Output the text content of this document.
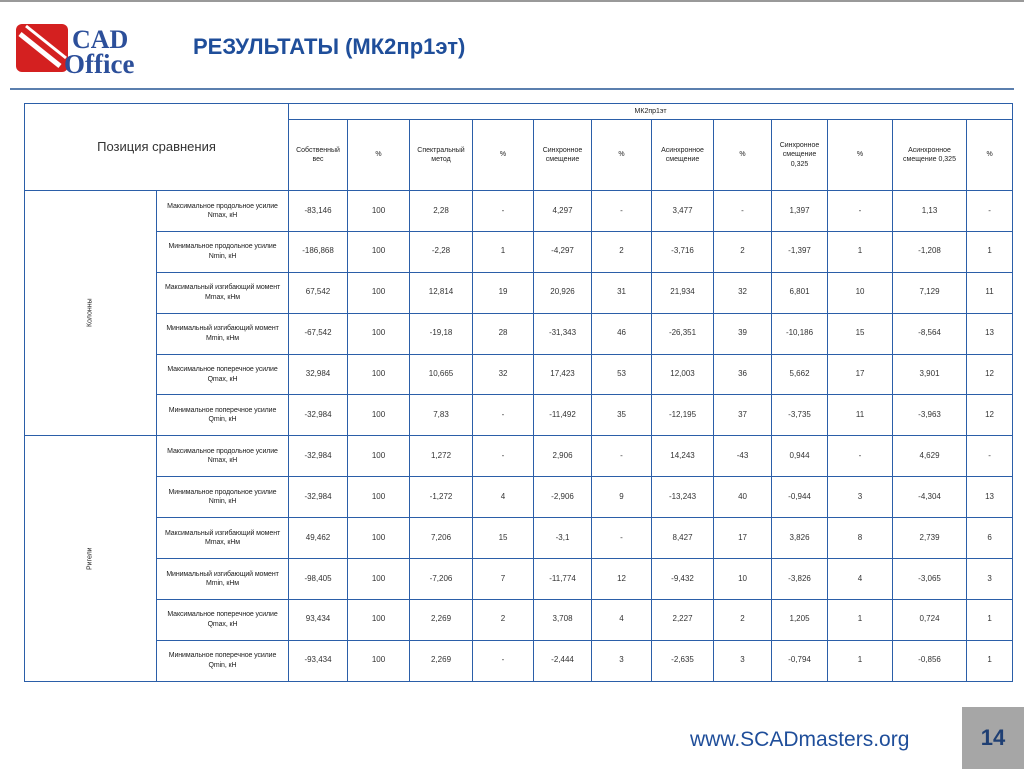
CAD
Office
РЕЗУЛЬТАТЫ (МК2пр1эт)
Позиция сравнения		МК2пр1эт											
		Собственный вес	%	Спектральный метод	%	Синхронное смещение	%	Асинхронное смещение	%	Синхронное смещение 0,325	%	Асинхронное смещение 0,325	%
Колонны	Максимальное продольное усилие Nmax, кН	-83,146	100	2,28	-	4,297	-	3,477	-	1,397	-	1,13	-
	Минимальное продольное усилие Nmin, кН	-186,868	100	-2,28	1	-4,297	2	-3,716	2	-1,397	1	-1,208	1
	Максимальный изгибающий момент Mmax, кНм	67,542	100	12,814	19	20,926	31	21,934	32	6,801	10	7,129	11
	Минимальный изгибающий момент Mmin, кНм	-67,542	100	-19,18	28	-31,343	46	-26,351	39	-10,186	15	-8,564	13
	Максимальное поперечное усилие Qmax, кН	32,984	100	10,665	32	17,423	53	12,003	36	5,662	17	3,901	12
	Минимальное поперечное усилие Qmin, кН	-32,984	100	7,83	-	-11,492	35	-12,195	37	-3,735	11	-3,963	12
Ригели	Максимальное продольное усилие Nmax, кН	-32,984	100	1,272	-	2,906	-	14,243	-43	0,944	-	4,629	-
	Минимальное продольное усилие Nmin, кН	-32,984	100	-1,272	4	-2,906	9	-13,243	40	-0,944	3	-4,304	13
	Максимальный изгибающий момент Mmax, кНм	49,462	100	7,206	15	-3,1	-	8,427	17	3,826	8	2,739	6
	Минимальный изгибающий момент Mmin, кНм	-98,405	100	-7,206	7	-11,774	12	-9,432	10	-3,826	4	-3,065	3
	Максимальное поперечное усилие Qmax, кН	93,434	100	2,269	2	3,708	4	2,227	2	1,205	1	0,724	1
	Минимальное поперечное усилие Qmin, кН	-93,434	100	2,269	-	-2,444	3	-2,635	3	-0,794	1	-0,856	1
www.SCADmasters.org	14
